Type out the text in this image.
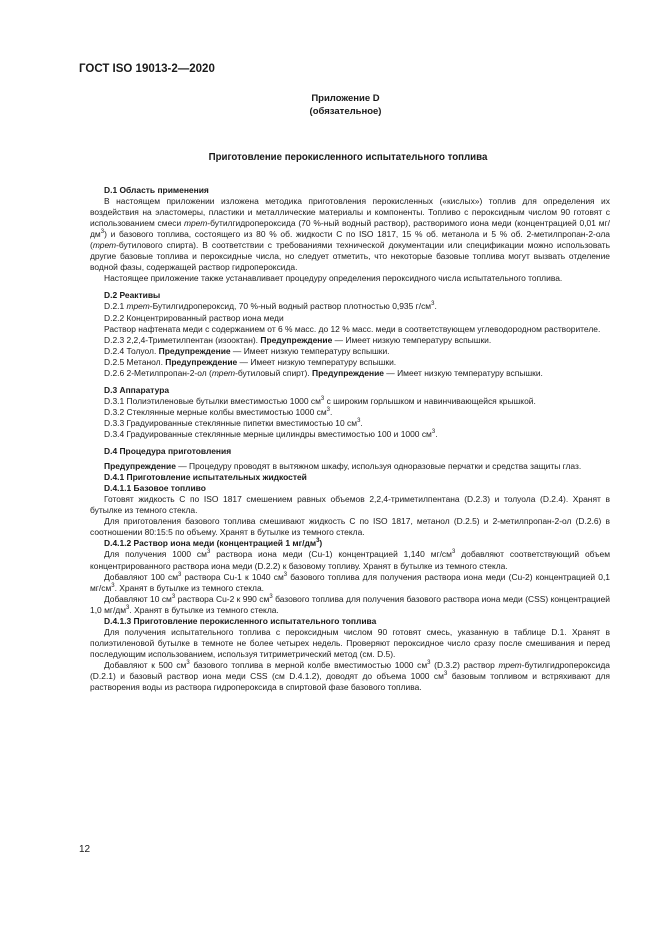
ГОСТ ISO 19013-2—2020
Приложение D
(обязательное)
Приготовление перокисленного испытательного топлива

D.1 Область применения

В настоящем приложении изложена методика приготовления перокисленных («кислых») топлив для определения их воздействия на эластомеры, пластики и металлические материалы и компоненты. Топливо с пероксидным числом 90 готовят с использованием смеси трет-бутилгидропероксида (70 %-ный водный раствор), растворимого иона меди (концентрацией 0,01 $мг/дм^3$) и базового топлива, состоящего из 80 % об. жидкости С по ISO 1817, 15 % об. метанола и 5 % об. 2-метилпропан-2-ола (трет-бутилового спирта). В соответствии с требованиями технической документации или спецификации можно использовать другие базовые топлива и пероксидные числа, но следует отметить, что некоторые базовые топлива могут вызвать отделение водной фазы, содержащей раствор гидропероксида.

Настоящее приложение также устанавливает процедуру определения пероксидного числа испытательного топлива.

D.2 Реактивы

D.2.1 трет-Бутилгидропероксид, 70 %-ный водный раствор плотностью 0,935 $г/см^3$.

D.2.2 Концентрированный раствор иона меди

Раствор нафтената меди с содержанием от 6 % масс. до 12 % масс. меди в соответствующем углеводородном растворителе.

D.2.3 2,2,4-Триметилпентан (изооктан). Предупреждение — Имеет низкую температуру вспышки.

D.2.4 Толуол. Предупреждение — Имеет низкую температуру вспышки.

D.2.5 Метанол. Предупреждение — Имеет низкую температуру вспышки.

D.2.6 2-Метилпропан-2-ол (трет-бутиловый спирт). Предупреждение — Имеет низкую температуру вспышки.

D.3 Аппаратура

D.3.1 Полиэтиленовые бутылки вместимостью 1000 $см^3$ с широким горлышком и навинчивающейся крышкой.

D.3.2 Стеклянные мерные колбы вместимостью 1000 $см^3$.

D.3.3 Градуированные стеклянные пипетки вместимостью 10 $см^3$.

D.3.4 Градуированные стеклянные мерные цилиндры вместимостью 100 и 1000 $см^3$.

D.4 Процедура приготовления

Предупреждение — Процедуру проводят в вытяжном шкафу, используя одноразовые перчатки и средства защиты глаз.

D.4.1 Приготовление испытательных жидкостей

D.4.1.1 Базовое топливо

Готовят жидкость С по ISO 1817 смешением равных объемов 2,2,4-триметилпентана (D.2.3) и толуола (D.2.4). Хранят в бутылке из темного стекла.

Для приготовления базового топлива смешивают жидкость С по ISO 1817, метанол (D.2.5) и 2-метилпропан-2-ол (D.2.6) в соотношении 80:15:5 по объему. Хранят в бутылке из темного стекла.

D.4.1.2 Раствор иона меди (концентрацией 1 $мг/дм^3$)

Для получения 1000 $см^3$ раствора иона меди (Cu-1) концентрацией 1,140 $мг/см^3$ добавляют соответствующий объем концентрированного раствора иона меди (D.2.2) к базовому топливу. Хранят в бутылке из темного стекла.

Добавляют 100 $см^3$ раствора Cu-1 к 1040 $см^3$ базового топлива для получения раствора иона меди (Cu-2) концентрацией 0,1 $мг/см^3$. Хранят в бутылке из темного стекла.

Добавляют 10 $см^3$ раствора Cu-2 к 990 $см^3$ базового топлива для получения базового раствора иона меди (CSS) концентрацией 1,0 $мг/дм^3$. Хранят в бутылке из темного стекла.

D.4.1.3 Приготовление перокисленного испытательного топлива

Для получения испытательного топлива с пероксидным числом 90 готовят смесь, указанную в таблице D.1. Хранят в полиэтиленовой бутылке в темноте не более четырех недель. Проверяют пероксидное число сразу после смешивания и перед последующим использованием, используя титриметрический метод (см. D.5).

Добавляют к 500 $см^3$ базового топлива в мерной колбе вместимостью 1000 $см^3$ (D.3.2) раствор трет-бутилгидропероксида (D.2.1) и базовый раствор иона меди CSS (см D.4.1.2), доводят до объема 1000 $см^3$ базовым топливом и встряхивают для растворения воды из раствора гидропероксида в спиртовой фазе базового топлива.

12
